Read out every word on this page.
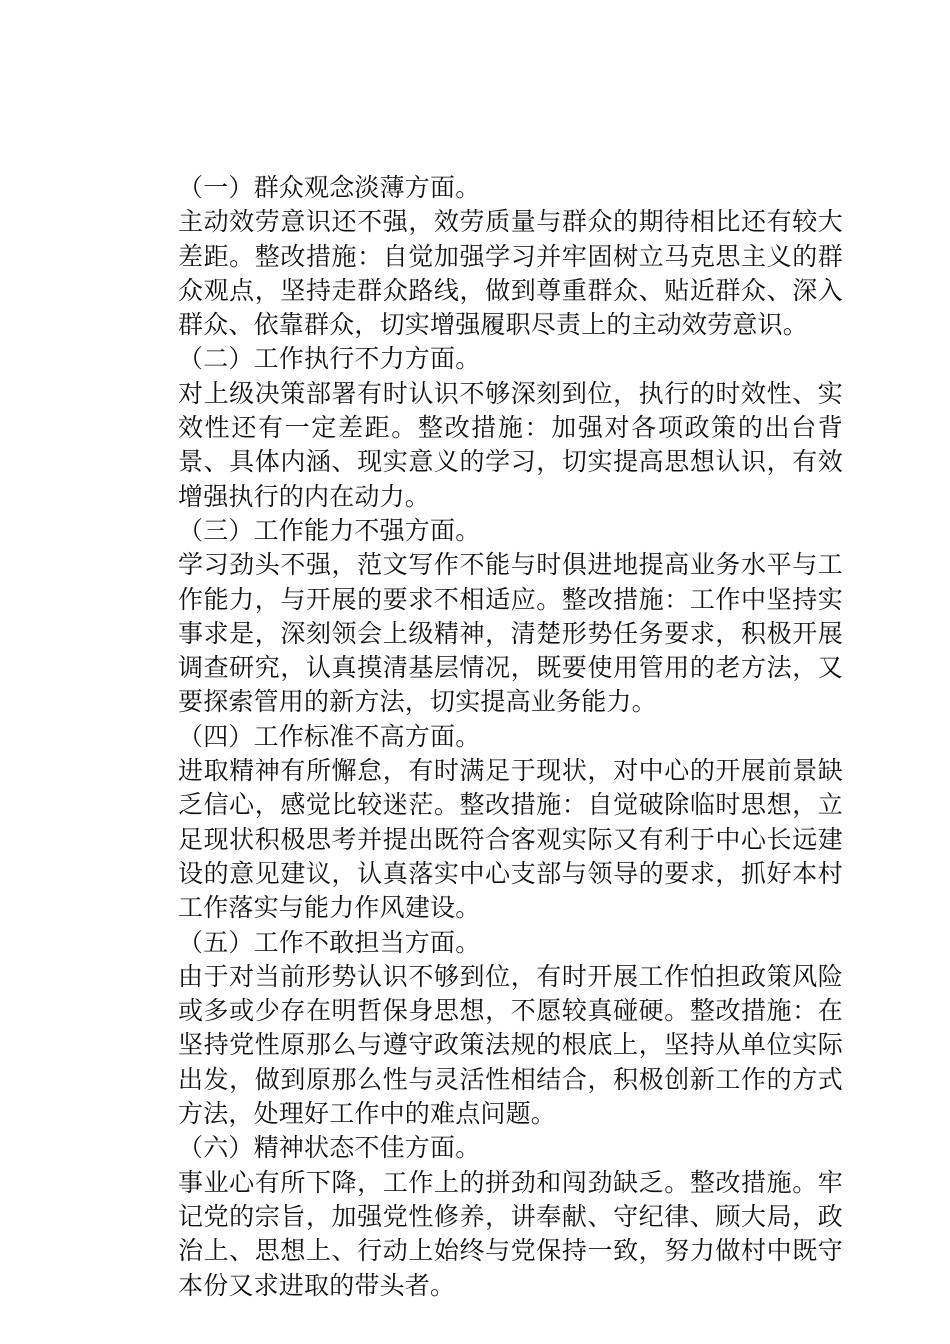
（一）群众观念淡薄方面。
主动效劳意识还不强，效劳质量与群众的期待相比还有较大差距。整改措施：自觉加强学习并牢固树立马克思主义的群众观点，坚持走群众路线，做到尊重群众、贴近群众、深入群众、依靠群众，切实增强履职尽责上的主动效劳意识。
（二）工作执行不力方面。
对上级决策部署有时认识不够深刻到位，执行的时效性、实效性还有一定差距。整改措施：加强对各项政策的出台背景、具体内涵、现实意义的学习，切实提高思想认识，有效增强执行的内在动力。
（三）工作能力不强方面。
学习劲头不强，范文写作不能与时俱进地提高业务水平与工作能力，与开展的要求不相适应。整改措施：工作中坚持实事求是，深刻领会上级精神，清楚形势任务要求，积极开展调查研究，认真摸清基层情况，既要使用管用的老方法，又要探索管用的新方法，切实提高业务能力。
（四）工作标准不高方面。
进取精神有所懈怠，有时满足于现状，对中心的开展前景缺乏信心，感觉比较迷茫。整改措施：自觉破除临时思想，立足现状积极思考并提出既符合客观实际又有利于中心长远建设的意见建议，认真落实中心支部与领导的要求，抓好本村工作落实与能力作风建设。
（五）工作不敢担当方面。
由于对当前形势认识不够到位，有时开展工作怕担政策风险或多或少存在明哲保身思想，不愿较真碰硬。整改措施：在坚持党性原那么与遵守政策法规的根底上，坚持从单位实际出发，做到原那么性与灵活性相结合，积极创新工作的方式方法，处理好工作中的难点问题。
（六）精神状态不佳方面。
事业心有所下降，工作上的拼劲和闯劲缺乏。整改措施。牢记党的宗旨，加强党性修养，讲奉献、守纪律、顾大局，政治上、思想上、行动上始终与党保持一致，努力做村中既守本份又求进取的带头者。
